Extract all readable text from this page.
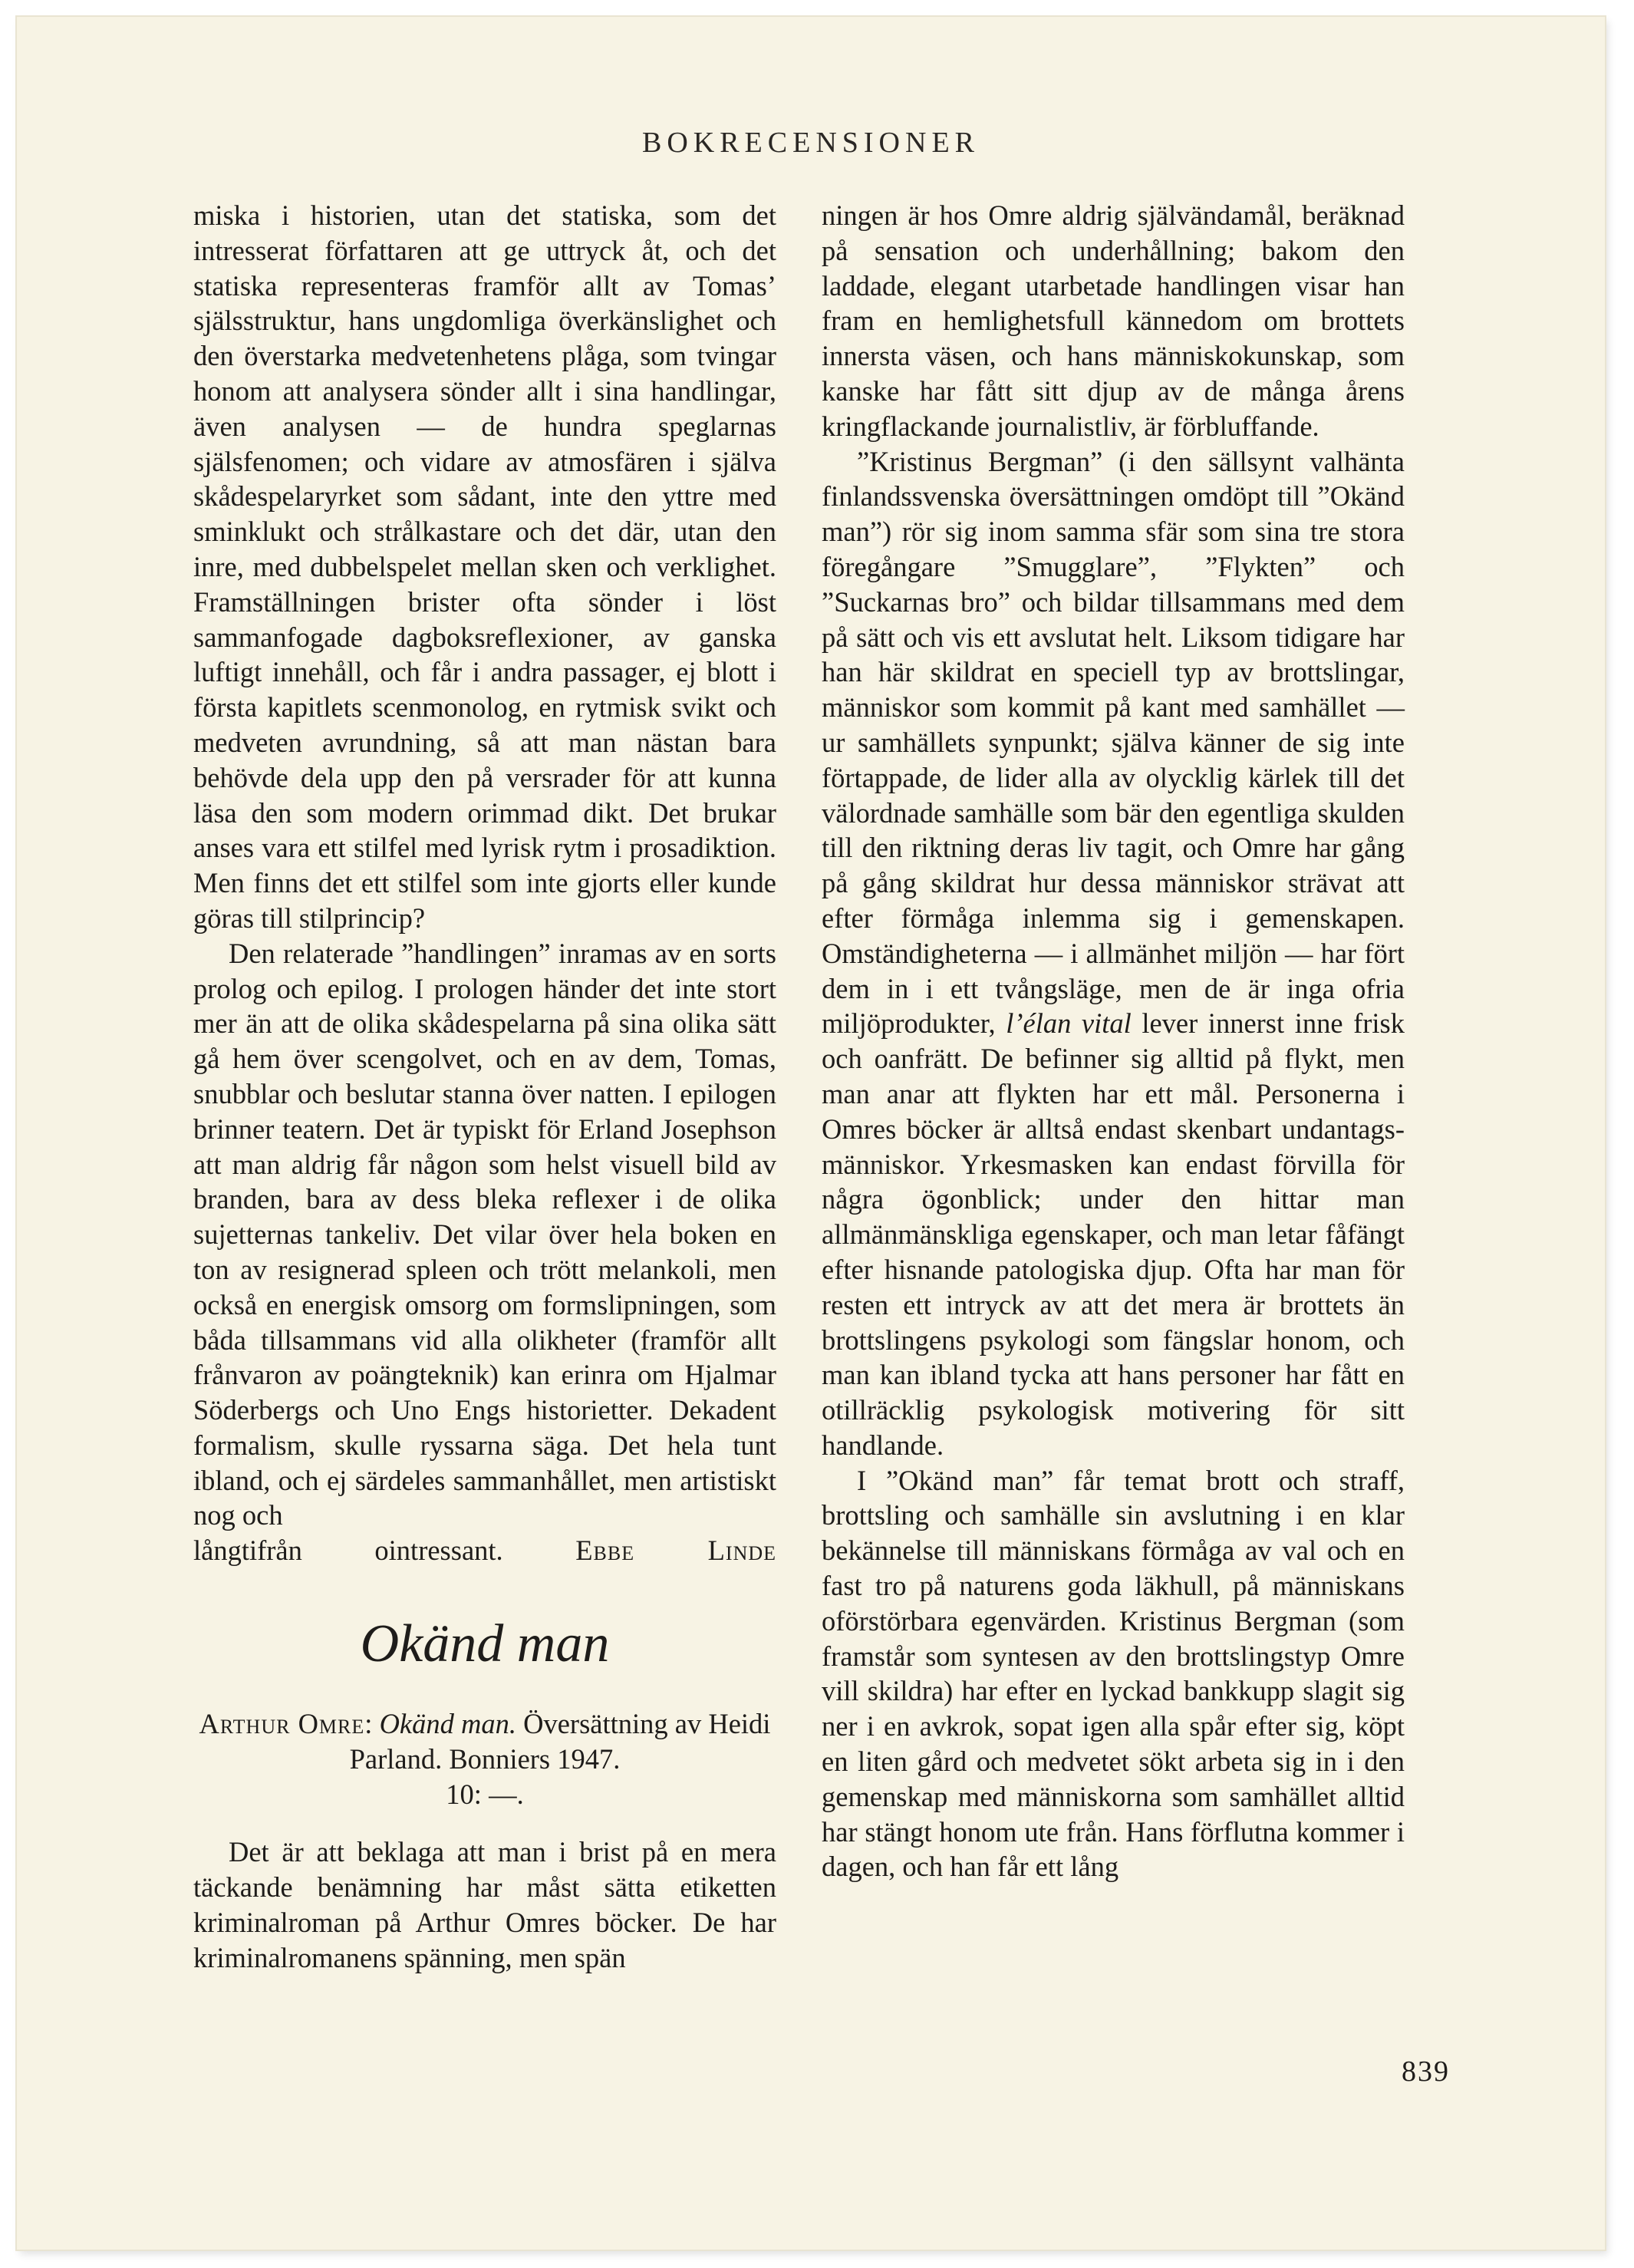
BOKRECENSIONER

miska i historien, utan det statiska, som det intresserat författaren att ge uttryck åt, och det statiska representeras framför allt av Tomas’ själsstruktur, hans ungdomliga överkänslighet och den överstarka medvetenhetens plåga, som tvingar honom att analysera sönder allt i sina handlingar, även analysen — de hundra speglarnas själsfenomen; och vidare av atmosfären i själva skådespelaryrket som sådant, inte den yttre med sminklukt och strålkastare och det där, utan den inre, med dubbelspelet mellan sken och verklighet. Framställningen brister ofta sönder i löst sammanfogade dagboksreflexioner, av ganska luftigt innehåll, och får i andra passager, ej blott i första kapitlets scenmonolog, en rytmisk svikt och medveten avrundning, så att man nästan bara behövde dela upp den på versrader för att kunna läsa den som modern orimmad dikt. Det brukar anses vara ett stilfel med lyrisk rytm i prosadiktion. Men finns det ett stilfel som inte gjorts eller kunde göras till stilprincip?

Den relaterade ”handlingen” inramas av en sorts prolog och epilog. I prologen händer det inte stort mer än att de olika skådespelarna på sina olika sätt gå hem över scengolvet, och en av dem, Tomas, snubblar och beslutar stanna över natten. I epilogen brinner teatern. Det är typiskt för Erland Josephson att man aldrig får någon som helst visuell bild av branden, bara av dess bleka reflexer i de olika sujetternas tankeliv. Det vilar över hela boken en ton av resignerad spleen och trött melankoli, men också en energisk omsorg om formslipningen, som båda tillsammans vid alla olikheter (framför allt frånvaron av poängteknik) kan erinra om Hjalmar Söderbergs och Uno Engs historietter. Dekadent formalism, skulle ryssarna säga. Det hela tunt ibland, och ej särdeles sammanhållet, men artistiskt nog och

långtifrån ointressant.	Ebbe Linde

Okänd man

Arthur Omre: Okänd man. Översättning av Heidi Parland. Bonniers 1947.
10: —.

Det är att beklaga att man i brist på en mera täckande benämning har måst sätta etiketten kriminalroman på Arthur Omres böcker. De har kriminalromanens spänning, men spän

ningen är hos Omre aldrig självändamål, beräknad på sensation och underhållning; bakom den laddade, elegant utarbetade handlingen visar han fram en hemlighetsfull kännedom om brottets innersta väsen, och hans människokunskap, som kanske har fått sitt djup av de många årens kringflackande journalistliv, är förbluffande.

”Kristinus Bergman” (i den sällsynt valhänta finlandssvenska översättningen omdöpt till ”Okänd man”) rör sig inom samma sfär som sina tre stora föregångare ”Smugglare”, ”Flykten” och ”Suckarnas bro” och bildar tillsammans med dem på sätt och vis ett avslutat helt. Liksom tidigare har han här skildrat en speciell typ av brottslingar, människor som kommit på kant med samhället — ur samhällets synpunkt; själva känner de sig inte förtappade, de lider alla av olycklig kärlek till det välordnade samhälle som bär den egentliga skulden till den riktning deras liv tagit, och Omre har gång på gång skildrat hur dessa människor strävat att efter förmåga inlemma sig i gemenskapen. Omständigheterna — i allmänhet miljön — har fört dem in i ett tvångsläge, men de är inga ofria miljöprodukter, l’élan vital lever innerst inne frisk och oanfrätt. De befinner sig alltid på flykt, men man anar att flykten har ett mål. Personerna i Omres böcker är alltså endast skenbart undantagsmänniskor. Yrkesmasken kan endast förvilla för några ögonblick; under den hittar man allmänmänskliga egenskaper, och man letar fåfängt efter hisnande patologiska djup. Ofta har man för resten ett intryck av att det mera är brottets än brottslingens psykologi som fängslar honom, och man kan ibland tycka att hans personer har fått en otillräcklig psykologisk motivering för sitt handlande.

I ”Okänd man” får temat brott och straff, brottsling och samhälle sin avslutning i en klar bekännelse till människans förmåga av val och en fast tro på naturens goda läkhull, på människans oförstörbara egenvärden. Kristinus Bergman (som framstår som syntesen av den brottslingstyp Omre vill skildra) har efter en lyckad bankkupp slagit sig ner i en avkrok, sopat igen alla spår efter sig, köpt en liten gård och medvetet sökt arbeta sig in i den gemenskap med människorna som samhället alltid har stängt honom ute från. Hans förflutna kommer i dagen, och han får ett lång

839
